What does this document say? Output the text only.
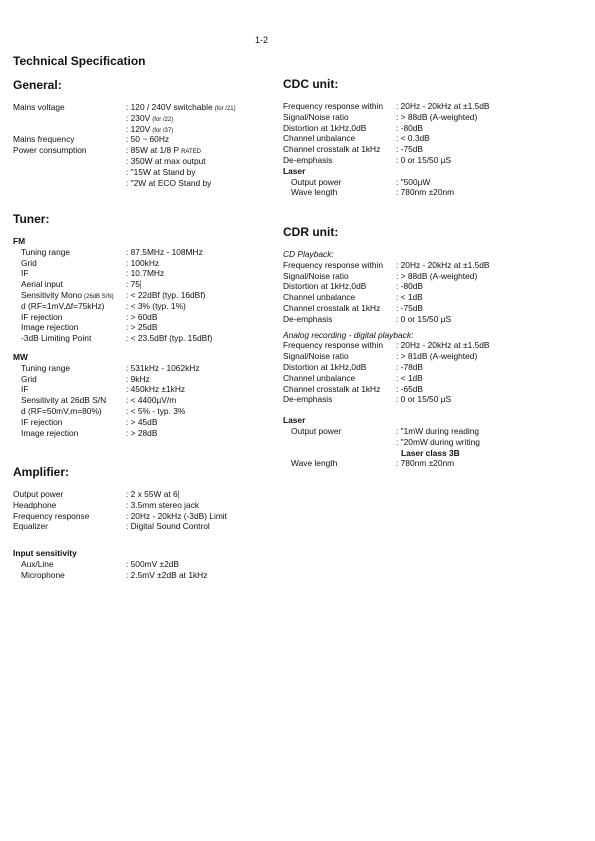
1-2
Technical Specification
General:
Mains voltage	: 120 / 240V switchable (for /21)
: 230V (for /22)
: 120V (for /37)
Mains frequency	: 50 ~ 60Hz
Power consumption	: 85W at 1/8 P RATED
: 350W at max output
: "15W at Stand by
: "2W at ECO Stand by
Tuner:
FM
Tuning range	: 87.5MHz - 108MHz
Grid	: 100kHz
IF	: 10.7MHz
Aerial input	: 75⎸
Sensitivity Mono (26dB S/N)	: < 22dBf (typ. 16dBf)
d (RF=1mV,∆f=75kHz)	: < 3% (typ. 1%)
IF rejection	: > 60dB
Image rejection	: > 25dB
-3dB Limiting Point	: < 23.5dBf (typ. 15dBf)
MW
Tuning range	: 531kHz - 1062kHz
Grid	: 9kHz
IF	: 450kHz ±1kHz
Sensitivity at 26dB S/N	: < 4400µV/m
d (RF=50mV,m=80%)	: < 5% - typ. 3%
IF rejection	: > 45dB
Image rejection	: > 28dB
Amplifier:
Output power	: 2 x 55W at 6⎸
Headphone	: 3.5mm stereo jack
Frequency response	: 20Hz - 20kHz (-3dB) Limit
Equalizer	: Digital Sound Control
Input sensitivity
Aux/Line	: 500mV ±2dB
Microphone	: 2.5mV ±2dB at 1kHz
CDC unit:
Frequency response within	: 20Hz - 20kHz at ±1.5dB
Signal/Noise ratio	: > 88dB (A-weighted)
Distortion at 1kHz,0dB	: -80dB
Channel unbalance	: < 0.3dB
Channel crosstalk at 1kHz	: -75dB
De-emphasis	: 0 or 15/50 µS
Laser
Output power	: "500µW
Wave length	: 780nm ±20nm
CDR unit:
CD Playback:
Frequency response within	: 20Hz - 20kHz at ±1.5dB
Signal/Noise ratio	: > 88dB (A-weighted)
Distortion at 1kHz,0dB	: -80dB
Channel unbalance	: < 1dB
Channel crosstalk at 1kHz	: -75dB
De-emphasis	: 0 or 15/50 µS
Analog recording - digital playback:
Frequency response within	: 20Hz - 20kHz at ±1.5dB
Signal/Noise ratio	: > 81dB (A-weighted)
Distortion at 1kHz,0dB	: -78dB
Channel unbalance	: < 1dB
Channel crosstalk at 1kHz	: -65dB
De-emphasis	: 0 or 15/50 µS
Laser
Output power	: "1mW during reading
: "20mW during writing
Laser class 3B
Wave length	: 780nm ±20nm
